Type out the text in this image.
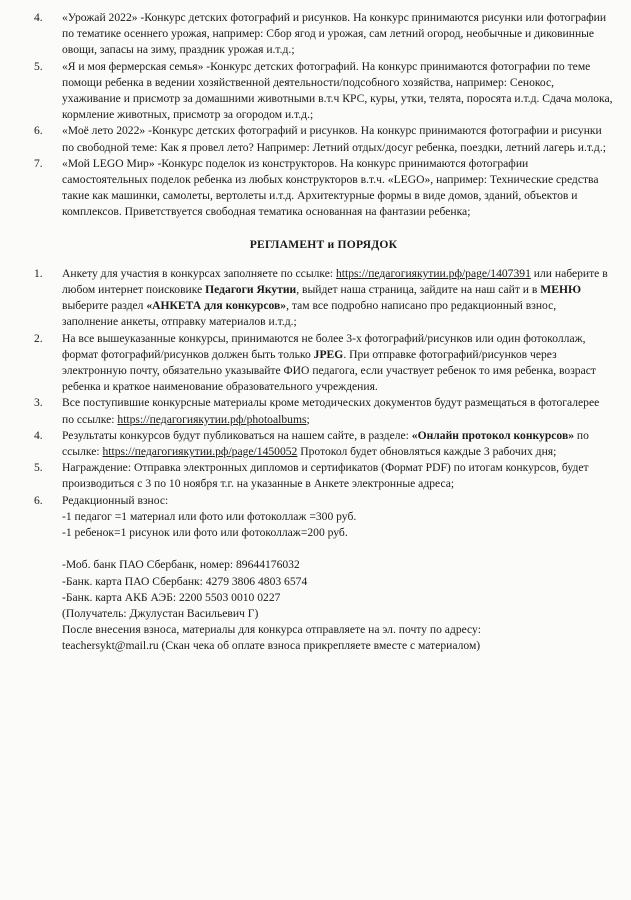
4.	«Урожай 2022» -Конкурс детских фотографий и рисунков. На конкурс принимаются рисунки или фотографии по тематике осеннего урожая, например: Сбор ягод и урожая, сам летний огород, необычные и диковинные овощи, запасы на зиму, праздник урожая и.т.д.;
5.	«Я и моя фермерская семья» -Конкурс детских фотографий. На конкурс принимаются фотографии по теме помощи ребенка в ведении хозяйственной деятельности/подсобного хозяйства, например: Сенокос, ухаживание и присмотр за домашними животными в.т.ч КРС, куры, утки, телята, поросята и.т.д. Сдача молока, кормление животных, присмотр за огородом и.т.д.;
6.	«Моё лето 2022» -Конкурс детских фотографий и рисунков. На конкурс принимаются фотографии и рисунки по свободной теме: Как я провел лето? Например: Летний отдых/досуг ребенка, поездки, летний лагерь и.т.д.;
7.	«Мой LEGO Мир» -Конкурс поделок из конструкторов. На конкурс принимаются фотографии самостоятельных поделок ребенка из любых конструкторов в.т.ч. «LEGO», например: Технические средства такие как машинки, самолеты, вертолеты и.т.д. Архитектурные формы в виде домов, зданий, объектов и комплексов. Приветствуется свободная тематика основанная на фантазии ребенка;
РЕГЛАМЕНТ и ПОРЯДОК
1.	Анкету для участия в конкурсах заполняете по ссылке: https://педагогиякутии.рф/page/1407391 или наберите в любом интернет поисковике Педагоги Якутии, выйдет наша страница, зайдите на наш сайт и в МЕНЮ выберите раздел «АНКЕТА для конкурсов», там все подробно написано про редакционный взнос, заполнение анкеты, отправку материалов и.т.д.;
2.	На все вышеуказанные конкурсы, принимаются не более 3-х фотографий/рисунков или один фотоколлаж, формат фотографий/рисунков должен быть только JPEG. При отправке фотографий/рисунков через электронную почту, обязательно указывайте ФИО педагога, если участвует ребенок то имя ребенка, возраст ребенка и краткое наименование образовательного учреждения.
3.	Все поступившие конкурсные материалы кроме методических документов будут размещаться в фотогалерее по ссылке: https://педагогиякутии.рф/photoalbums;
4.	Результаты конкурсов будут публиковаться на нашем сайте, в разделе: «Онлайн протокол конкурсов» по ссылке: https://педагогиякутии.рф/page/1450052 Протокол будет обновляться каждые 3 рабочих дня;
5.	Награждение: Отправка электронных дипломов и сертификатов (Формат PDF) по итогам конкурсов, будет производиться с 3 по 10 ноября т.г. на указанные в Анкете электронные адреса;
6.	Редакционный взнос:
-1 педагог =1 материал или фото или фотоколлаж =300 руб.
-1 ребенок=1 рисунок или фото или фотоколлаж=200 руб.
-Моб. банк ПАО Сбербанк, номер: 89644176032
-Банк. карта ПАО Сбербанк: 4279 3806 4803 6574
-Банк. карта АКБ АЭБ: 2200 5503 0010 0227
(Получатель: Джулустан Васильевич Г)
После внесения взноса, материалы для конкурса отправляете на эл. почту по адресу:
teachersykt@mail.ru (Скан чека об оплате взноса прикрепляете вместе с материалом)
